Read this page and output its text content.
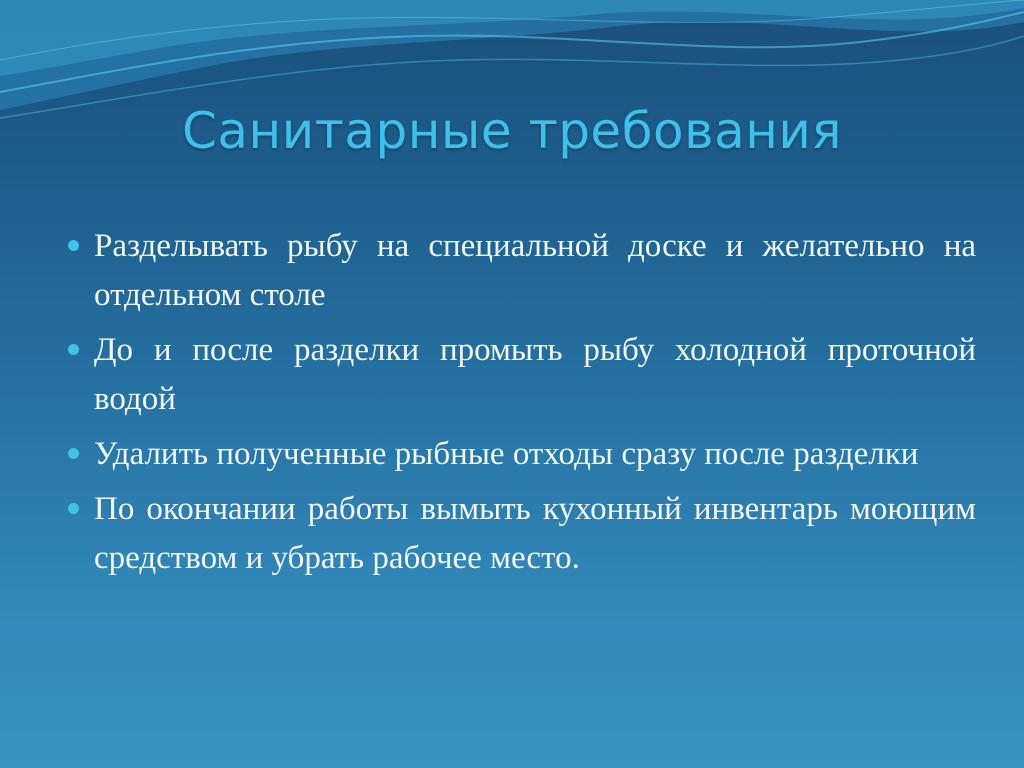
Санитарные требования
Разделывать рыбу на специальной доске и желательно на отдельном столе
До и после разделки промыть рыбу холодной проточной водой
Удалить полученные рыбные отходы сразу после разделки
По окончании работы вымыть кухонный инвентарь моющим средством и убрать рабочее место.
